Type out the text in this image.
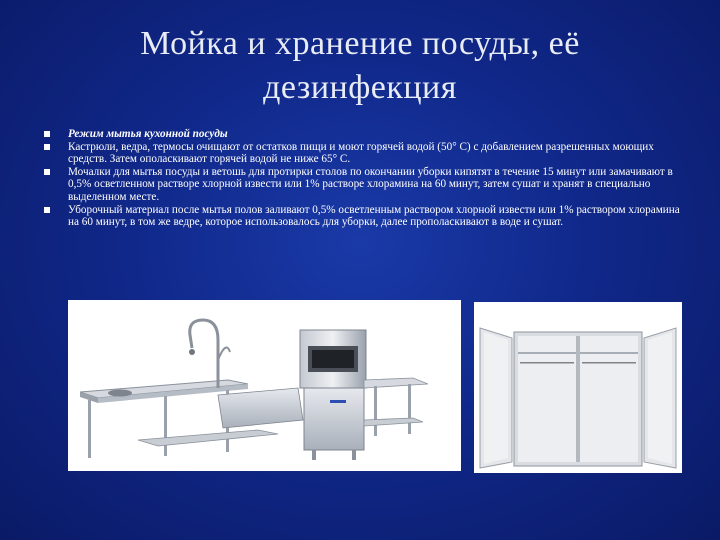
Мойка и хранение посуды, её
дезинфекция
Режим мытья кухонной посуды
Кастрюли, ведра, термосы очищают от остатков пищи и моют горячей водой (50° С) с добавлением разрешенных моющих средств. Затем ополаскивают горячей водой не ниже 65° С.
Мочалки для мытья посуды и ветошь для протирки столов по окончании уборки кипятят в течение 15 минут или замачивают в 0,5% осветленном растворе хлорной извести или 1% растворе хлорамина на 60 минут, затем сушат и хранят в специально выделенном месте.
Уборочный материал после мытья полов заливают 0,5% осветленным раствором хлорной извести или 1% раствором хлорамина на 60 минут, в том же ведре, которое использовалось для уборки, далее прополаскивают в воде и сушат.
